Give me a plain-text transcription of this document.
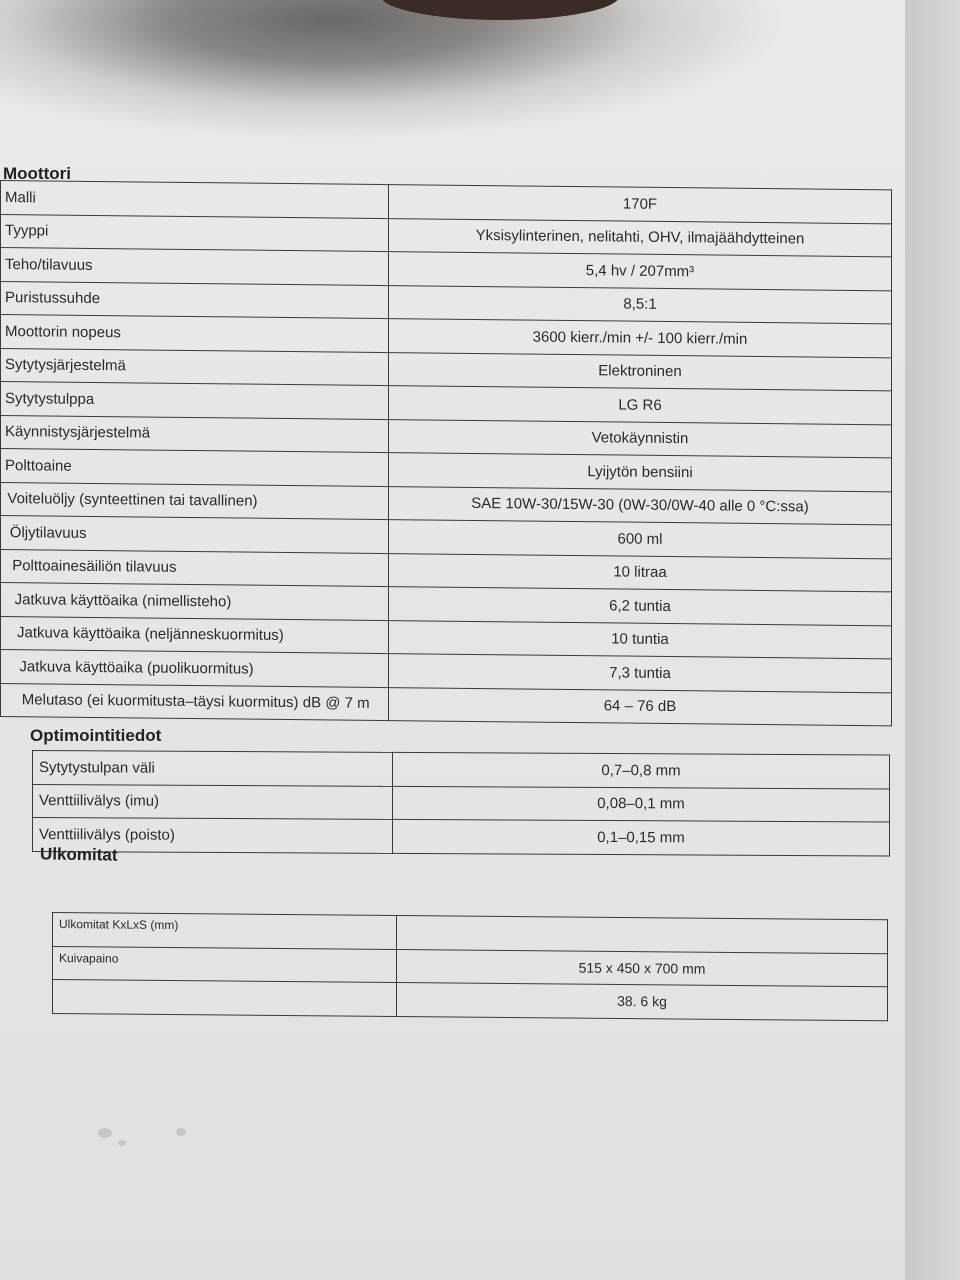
Moottori
Malli	170F
Tyyppi	Yksisylinterinen, nelitahti, OHV, ilmajäähdytteinen
Teho/tilavuus	5,4 hv / 207mm³
Puristussuhde	8,5:1
Moottorin nopeus	3600 kierr./min +/- 100 kierr./min
Sytytysjärjestelmä	Elektroninen
Sytytystulppa	LG R6
Käynnistysjärjestelmä	Vetokäynnistin
Polttoaine	Lyijytön bensiini
Voiteluöljy (synteettinen tai tavallinen)	SAE 10W-30/15W-30 (0W-30/0W-40 alle 0 °C:ssa)
Öljytilavuus	600 ml
Polttoainesäiliön tilavuus	10 litraa
Jatkuva käyttöaika (nimellisteho)	6,2 tuntia
Jatkuva käyttöaika (neljänneskuormitus)	10 tuntia
Jatkuva käyttöaika (puolikuormitus)	7,3 tuntia
Melutaso (ei kuormitusta–täysi kuormitus) dB @ 7 m	64 – 76 dB
Optimointitiedot
Sytytystulpan väli	0,7–0,8 mm
Venttiilivälys (imu)	0,08–0,1 mm
Venttiilivälys (poisto)	0,1–0,15 mm
Ulkomitat
Ulkomitat KxLxS (mm)	
Kuivapaino	515 x 450 x 700 mm
	38. 6 kg
